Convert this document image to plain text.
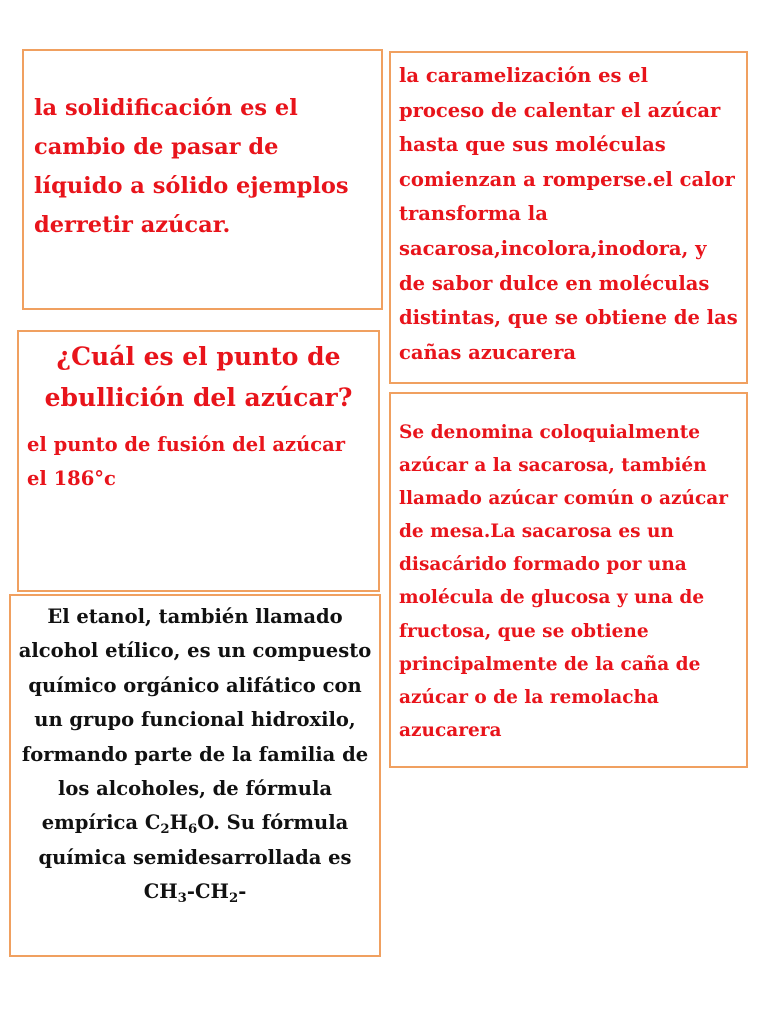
la solidificación es el cambio de pasar de líquido a sólido ejemplos derretir azúcar.

la caramelización es el proceso de calentar el azúcar hasta que sus moléculas comienzan a romperse.el calor transforma la sacarosa,incolora,inodora, y de sabor dulce en moléculas distintas, que se obtiene de las cañas azucarera

¿Cuál es el punto de ebullición del azúcar?

el punto de fusión del azúcar el 186°c

Se denomina coloquialmente azúcar a la sacarosa, también llamado azúcar común o azúcar de mesa.La sacarosa es un disacárido formado por una molécula de glucosa y una de fructosa, que se obtiene principalmente de la caña de azúcar o de la remolacha azucarera

El etanol, también llamado alcohol etílico, es un compuesto químico orgánico alifático con un grupo funcional hidroxilo, formando parte de la familia de los alcoholes, de fórmula empírica $C_2H_6O$. Su fórmula química semidesarrollada es $CH_3-CH_2-$
